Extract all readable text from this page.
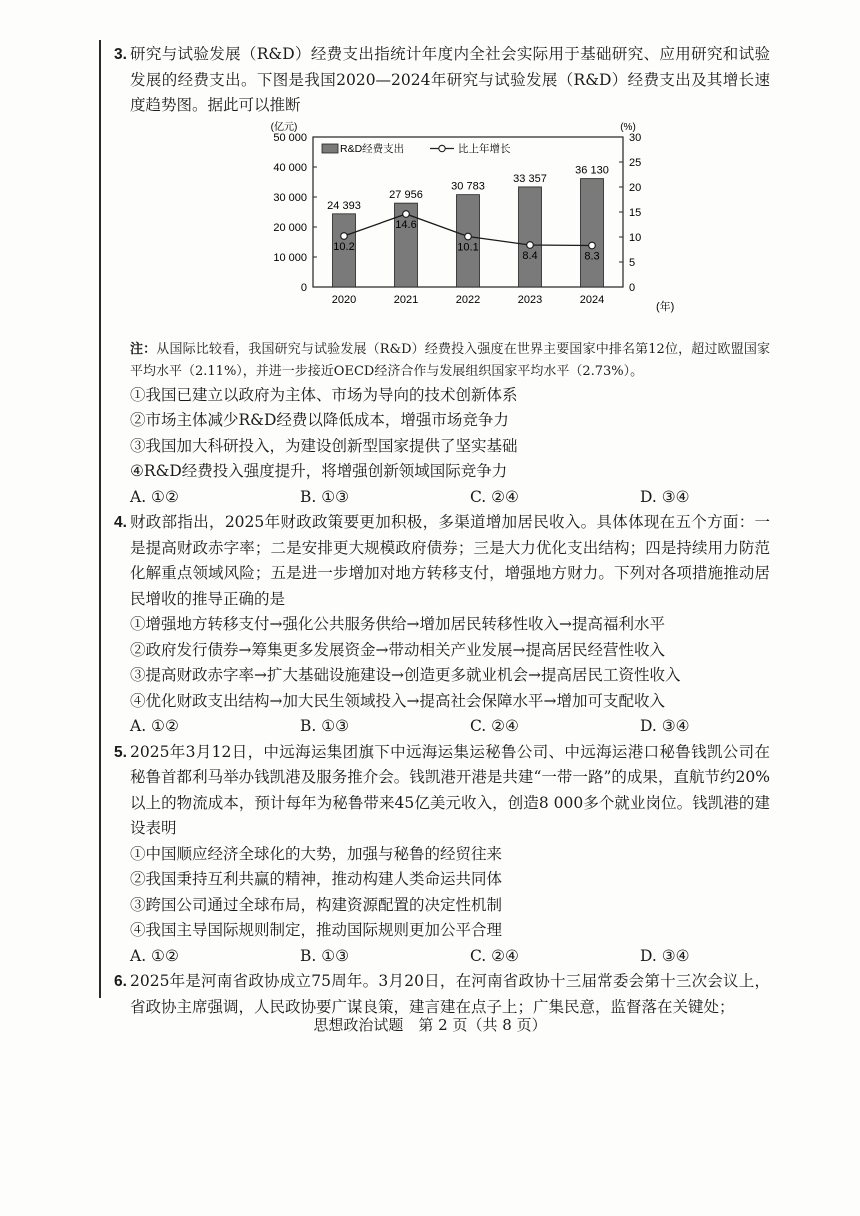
3. 研究与试验发展（R&D）经费支出指统计年度内全社会实际用于基础研究、应用研究和试验发展的经费支出。下图是我国2020—2024年研究与试验发展（R&D）经费支出及其增长速度趋势图。据此可以推断

(亿元)	(%)
R&D经费支出	比上年增长
(年)
0
10 000
20 000
30 000
40 000
50 000
0
5
10
15
20
25
30
24 393
2020
27 956
2021
30 783
2022
33 357
2023
36 130
2024
10.2
14.6
10.1
8.4	8.3

注：从国际比较看，我国研究与试验发展（R&D）经费投入强度在世界主要国家中排名第12位，超过欧盟国家平均水平（2.11%），并进一步接近OECD经济合作与发展组织国家平均水平（2.73%）。

①我国已建立以政府为主体、市场为导向的技术创新体系

②市场主体减少R&D经费以降低成本，增强市场竞争力

③我国加大科研投入，为建设创新型国家提供了坚实基础

④R&D经费投入强度提升，将增强创新领域国际竞争力

A. ①②	B. ①③	C. ②④	D. ③④
4. 财政部指出，2025年财政政策要更加积极，多渠道增加居民收入。具体体现在五个方面：一是提高财政赤字率；二是安排更大规模政府债券；三是大力优化支出结构；四是持续用力防范化解重点领域风险；五是进一步增加对地方转移支付，增强地方财力。下列对各项措施推动居民增收的推导正确的是

①增强地方转移支付→强化公共服务供给→增加居民转移性收入→提高福利水平

②政府发行债券→筹集更多发展资金→带动相关产业发展→提高居民经营性收入

③提高财政赤字率→扩大基础设施建设→创造更多就业机会→提高居民工资性收入

④优化财政支出结构→加大民生领域投入→提高社会保障水平→增加可支配收入

A. ①②	B. ①③	C. ②④	D. ③④
5. 2025年3月12日，中远海运集团旗下中远海运集运秘鲁公司、中远海运港口秘鲁钱凯公司在秘鲁首都利马举办钱凯港及服务推介会。钱凯港开港是共建“一带一路”的成果，直航节约20%以上的物流成本，预计每年为秘鲁带来45亿美元收入，创造8 000多个就业岗位。钱凯港的建设表明

①中国顺应经济全球化的大势，加强与秘鲁的经贸往来

②我国秉持互利共赢的精神，推动构建人类命运共同体

③跨国公司通过全球布局，构建资源配置的决定性机制

④我国主导国际规则制定，推动国际规则更加公平合理

A. ①②	B. ①③	C. ②④	D. ③④
6. 2025年是河南省政协成立75周年。3月20日，在河南省政协十三届常委会第十三次会议上，省政协主席强调，人民政协要广谋良策，建言建在点子上；广集民意，监督落在关键处；

思想政治试题　第 2 页（共 8 页）
